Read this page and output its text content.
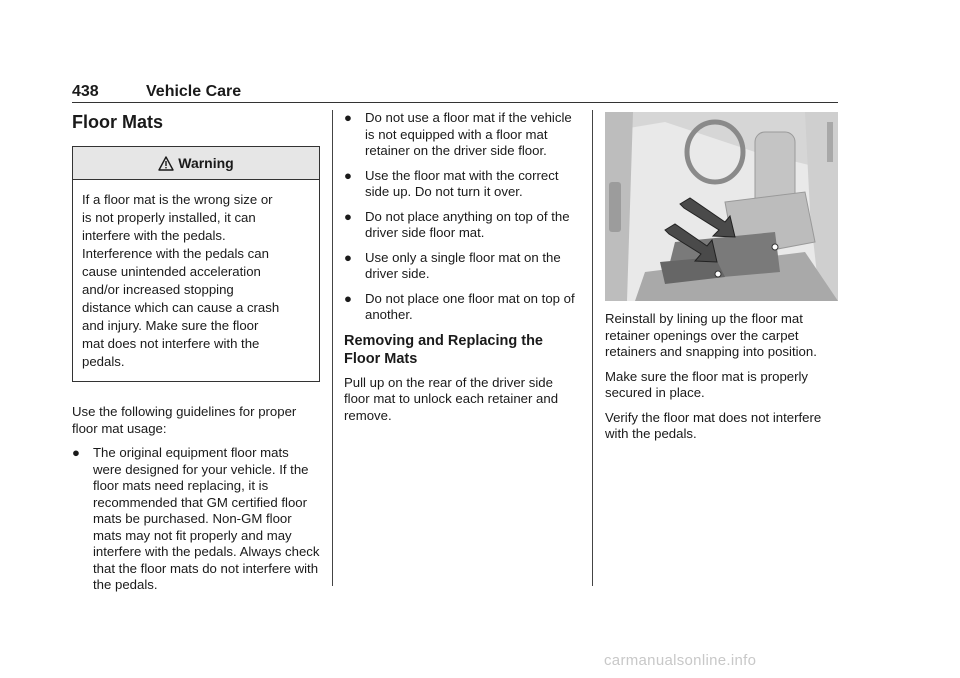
438	Vehicle Care
Floor Mats
Warning
If a floor mat is the wrong size or
is not properly installed, it can
interfere with the pedals.
Interference with the pedals can
cause unintended acceleration
and/or increased stopping
distance which can cause a crash
and injury. Make sure the floor
mat does not interfere with the
pedals.

Use the following guidelines for proper floor mat usage:

● The original equipment floor mats were designed for your vehicle. If the floor mats need replacing, it is recommended that GM certified floor mats be purchased. Non-GM floor mats may not fit properly and may interfere with the pedals. Always check that the floor mats do not interfere with the pedals.
● Do not use a floor mat if the vehicle is not equipped with a floor mat retainer on the driver side floor.
● Use the floor mat with the correct side up. Do not turn it over.
● Do not place anything on top of the driver side floor mat.
● Use only a single floor mat on the driver side.
● Do not place one floor mat on top of another.
Removing and Replacing the Floor Mats

Pull up on the rear of the driver side floor mat to unlock each retainer and remove.

Reinstall by lining up the floor mat retainer openings over the carpet retainers and snapping into position.

Make sure the floor mat is properly secured in place.

Verify the floor mat does not interfere with the pedals.

carmanualsonline.info
